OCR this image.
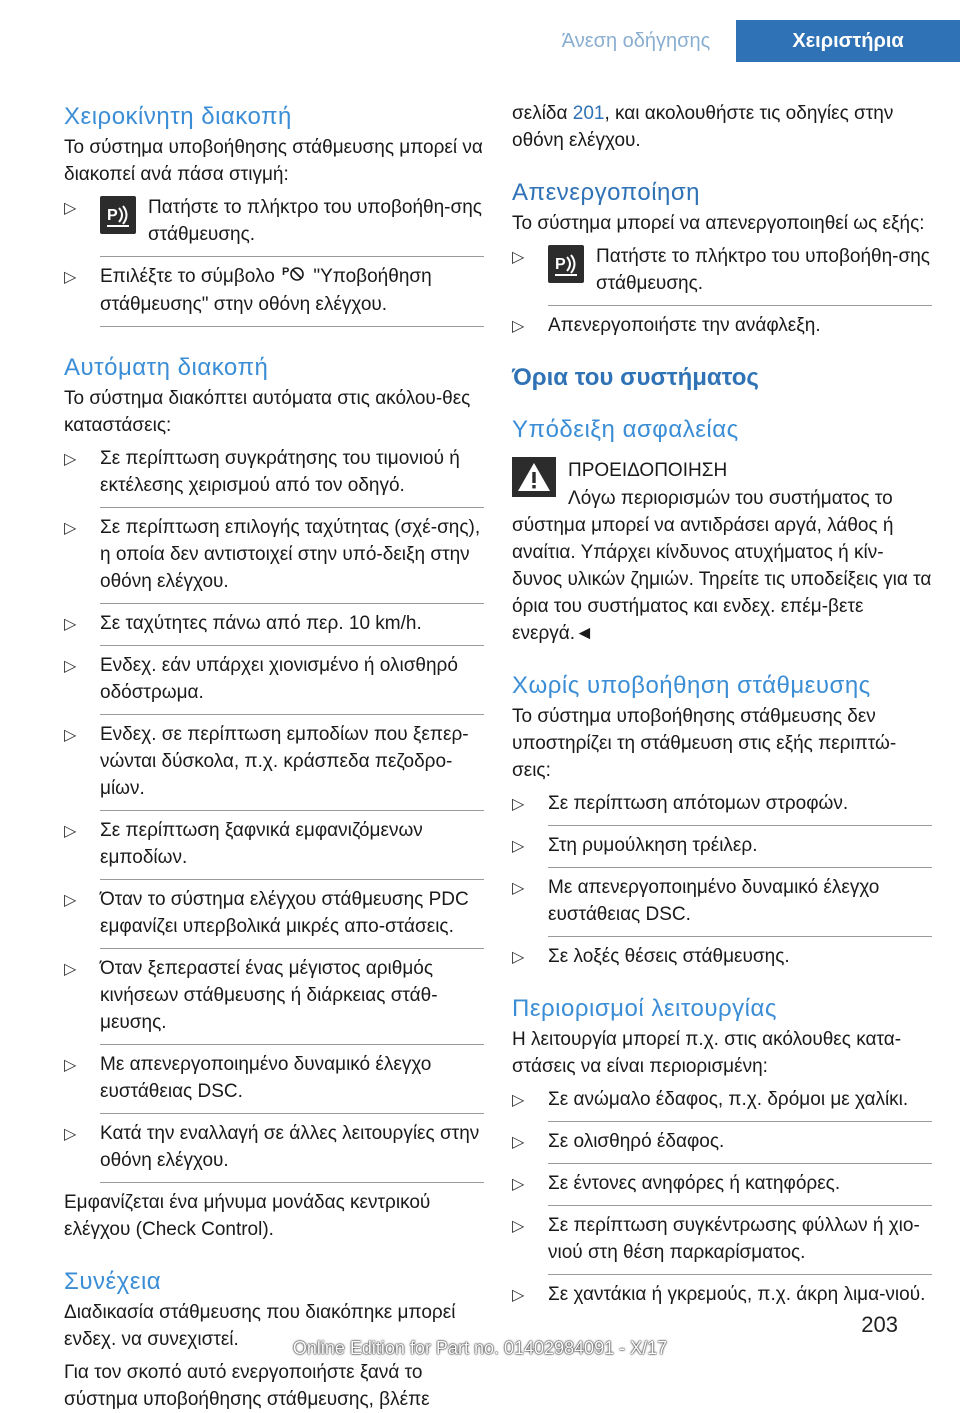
Άνεση οδήγησης	Χειριστήρια
Χειροκίνητη διακοπή

Το σύστημα υποβοήθησης στάθμευσης μπορεί να διακοπεί ανά πάσα στιγμή:

▷ P Πατήστε το πλήκτρο του υποβοήθη-σης στάθμευσης.
▷ Επιλέξτε το σύμβολο P "Υποβοήθηση στάθμευσης" στην οθόνη ελέγχου.
Αυτόματη διακοπή

Το σύστημα διακόπτει αυτόματα στις ακόλου-θες καταστάσεις:

▷ Σε περίπτωση συγκράτησης του τιμονιού ή εκτέλεσης χειρισμού από τον οδηγό.
▷ Σε περίπτωση επιλογής ταχύτητας (σχέ-σης), η οποία δεν αντιστοιχεί στην υπό-δειξη στην οθόνη ελέγχου.
▷ Σε ταχύτητες πάνω από περ. 10 km/h.
▷ Ενδεχ. εάν υπάρχει χιονισμένο ή ολισθηρό οδόστρωμα.
▷ Ενδεχ. σε περίπτωση εμποδίων που ξεπερ-νώνται δύσκολα, π.χ. κράσπεδα πεζοδρο-μίων.
▷ Σε περίπτωση ξαφνικά εμφανιζόμενων εμποδίων.
▷ Όταν το σύστημα ελέγχου στάθμευσης PDC εμφανίζει υπερβολικά μικρές απο-στάσεις.
▷ Όταν ξεπεραστεί ένας μέγιστος αριθμός κινήσεων στάθμευσης ή διάρκειας στάθ-μευσης.
▷ Με απενεργοποιημένο δυναμικό έλεγχο ευστάθειας DSC.
▷ Κατά την εναλλαγή σε άλλες λειτουργίες στην οθόνη ελέγχου.

Εμφανίζεται ένα μήνυμα μονάδας κεντρικού ελέγχου (Check Control).

Συνέχεια

Διαδικασία στάθμευσης που διακόπηκε μπορεί ενδεχ. να συνεχιστεί.

Για τον σκοπό αυτό ενεργοποιήστε ξανά το σύστημα υποβοήθησης στάθμευσης, βλέπε

σελίδα 201, και ακολουθήστε τις οδηγίες στην οθόνη ελέγχου.

Απενεργοποίηση

Το σύστημα μπορεί να απενεργοποιηθεί ως εξής:

▷ P Πατήστε το πλήκτρο του υποβοήθη-σης στάθμευσης.
▷ Απενεργοποιήστε την ανάφλεξη.
Όρια του συστήματος
Υπόδειξη ασφαλείας

ΠΡΟΕΙΔΟΠΟΙΗΣΗ

Λόγω περιορισμών του συστήματος το σύστημα μπορεί να αντιδράσει αργά, λάθος ή αναίτια. Υπάρχει κίνδυνος ατυχήματος ή κίν-δυνος υλικών ζημιών. Τηρείτε τις υποδείξεις για τα όρια του συστήματος και ενδεχ. επέμ-βετε ενεργά.◄

Χωρίς υποβοήθηση στάθμευσης

Το σύστημα υποβοήθησης στάθμευσης δεν υποστηρίζει τη στάθμευση στις εξής περιπτώ-σεις:

▷ Σε περίπτωση απότομων στροφών.
▷ Στη ρυμούλκηση τρέιλερ.
▷ Με απενεργοποιημένο δυναμικό έλεγχο ευστάθειας DSC.
▷ Σε λοξές θέσεις στάθμευσης.
Περιορισμοί λειτουργίας

Η λειτουργία μπορεί π.χ. στις ακόλουθες κατα-στάσεις να είναι περιορισμένη:

▷ Σε ανώμαλο έδαφος, π.χ. δρόμοι με χαλίκι.
▷ Σε ολισθηρό έδαφος.
▷ Σε έντονες ανηφόρες ή κατηφόρες.
▷ Σε περίπτωση συγκέντρωσης φύλλων ή χιο-νιού στη θέση παρκαρίσματος.
▷ Σε χαντάκια ή γκρεμούς, π.χ. άκρη λιμα-νιού.
203
Online Edition for Part no. 01402984091 - X/17
